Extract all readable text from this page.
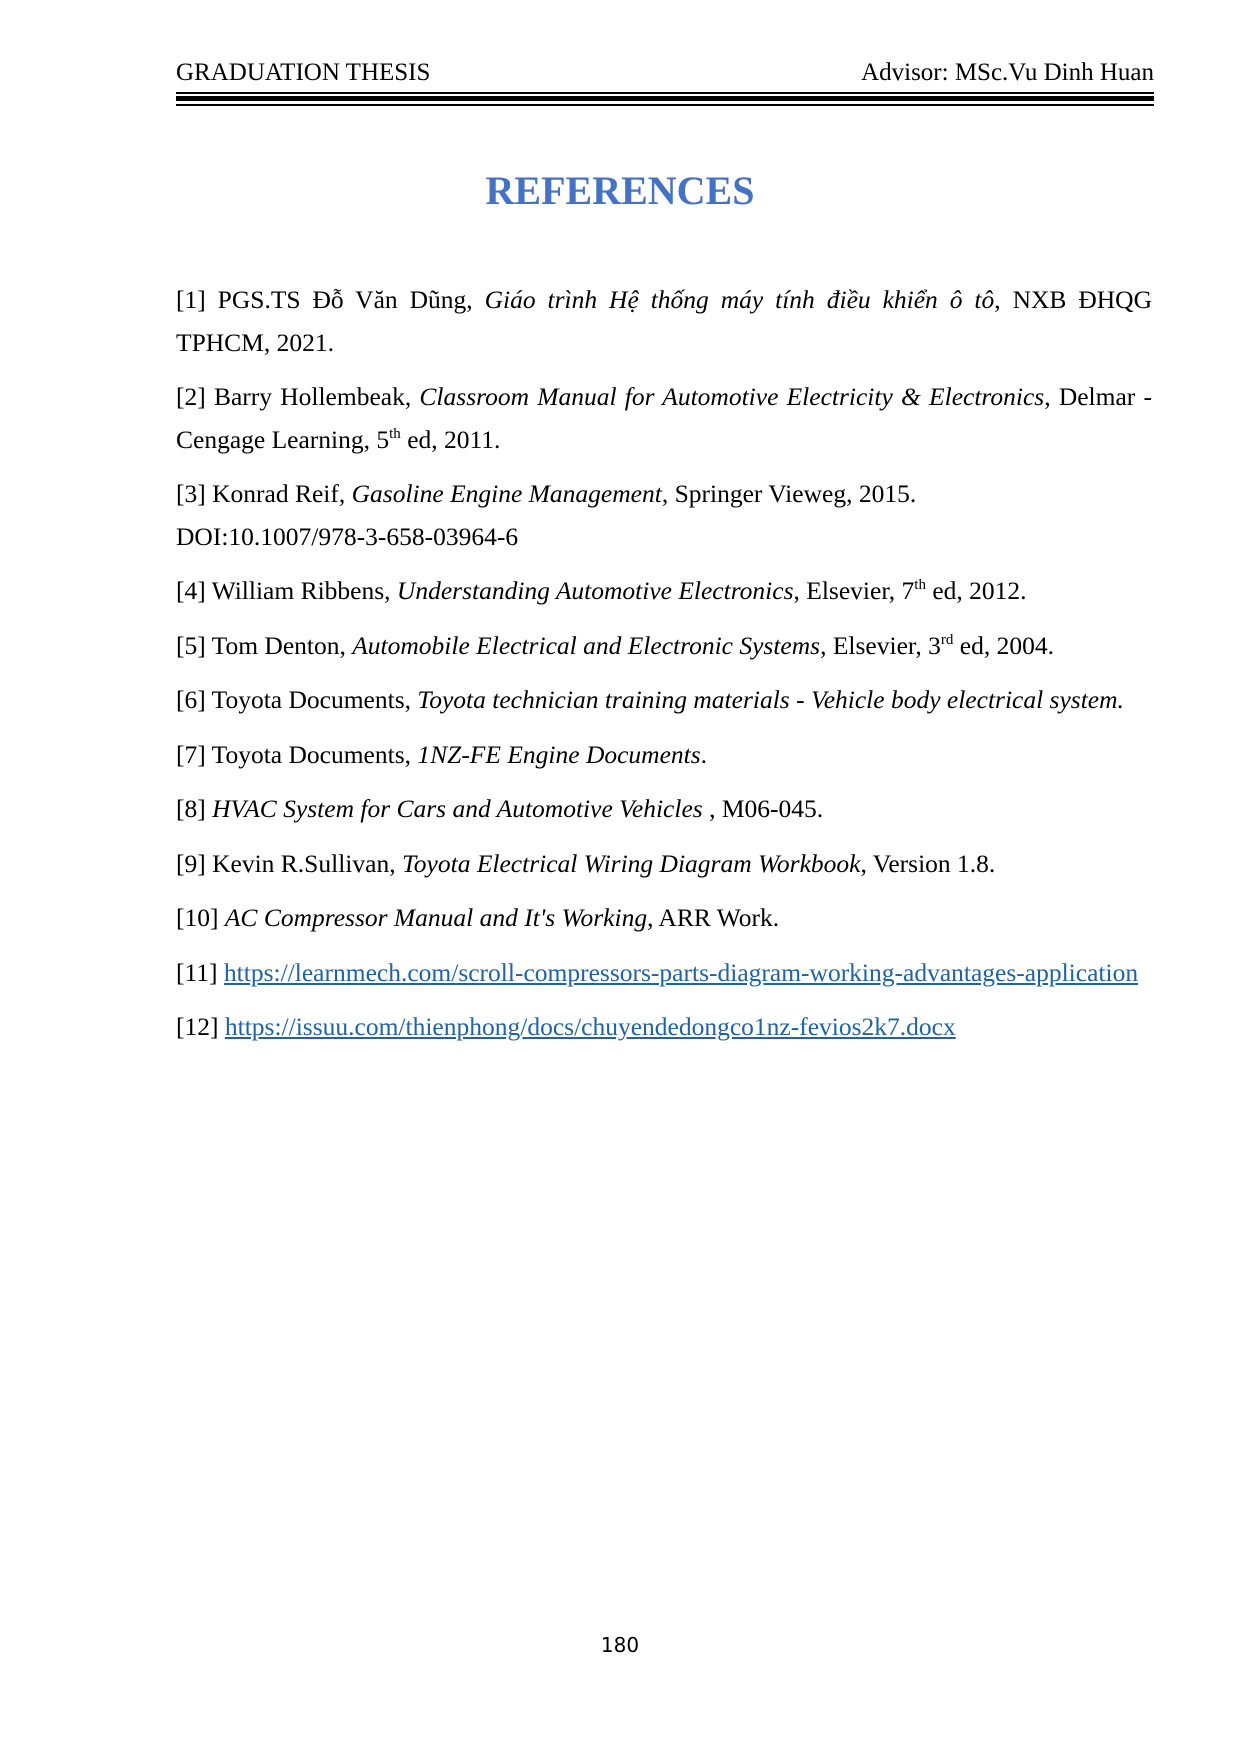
GRADUATION THESIS	Advisor: MSc.Vu Dinh Huan
REFERENCES

[1] PGS.TS Đỗ Văn Dũng, Giáo trình Hệ thống máy tính điều khiển ô tô, NXB ĐHQG TPHCM, 2021.

[2] Barry Hollembeak, Classroom Manual for Automotive Electricity & Electronics, Delmar - Cengage Learning, 5th ed, 2011.

[3] Konrad Reif, Gasoline Engine Management, Springer Vieweg, 2015.
DOI:10.1007/978-3-658-03964-6

[4] William Ribbens, Understanding Automotive Electronics, Elsevier, 7th ed, 2012.

[5] Tom Denton, Automobile Electrical and Electronic Systems, Elsevier, 3rd ed, 2004.

[6] Toyota Documents, Toyota technician training materials - Vehicle body electrical system.

[7] Toyota Documents, 1NZ-FE Engine Documents.

[8] HVAC System for Cars and Automotive Vehicles , M06-045.

[9] Kevin R.Sullivan, Toyota Electrical Wiring Diagram Workbook, Version 1.8.

[10] AC Compressor Manual and It's Working, ARR Work.

[11] https://learnmech.com/scroll-compressors-parts-diagram-working-advantages-application

[12] https://issuu.com/thienphong/docs/chuyendedongco1nz-fevios2k7.docx

180
